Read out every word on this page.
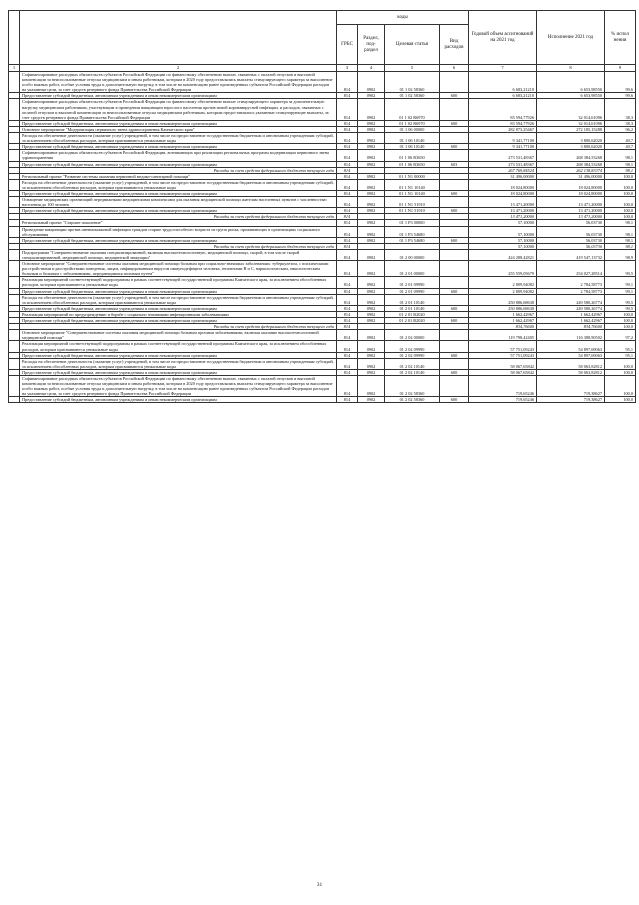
		коды				Годовой объем ассигнований на 2021 год	Исполнение 2021 год	% испол нения
		ГРБС	Раздел, под-раздел	Целевая статья	Вид расходов			
1	2	3	4	5	6	7	8	9
	Софинансирование расходных обязательств субъектов Российской Федерации по финансовому обеспечению выплат, связанных с оплатой отпусков и выплатой компенсации за неиспользованные отпуска медицинским и иным работникам, которым в 2020 году предоставлялись выплаты стимулирующего характера за выполнение особо важных работ, особые условия труда и дополнительную нагрузку, в том числе на компенсацию ранее произведенных субъектом Российской Федерации расходов на указанные цели, за счет средств резервного фонда Правительства Российской Федерации	814	0902	01 1 02 58360		6 683,21210	6 653,98550	99,6
	Предоставление субсидий бюджетным, автономным учреждениям и иным некоммерческим организациям	814	0902	01 1 02 58360	600	6 683,21210	6 653,98550	99,6
	Софинансирование расходных обязательств субъектов Российской Федерации по финансовому обеспечению выплат стимулирующего характера за дополнительную нагрузку медицинским работникам, участвующим в проведении вакцинации взрослого населения против новой коронавирусной инфекции, и расходов, связанных с оплатой отпусков и выплатой компенсации за неиспользованные отпуска медицинским работникам, которым предоставлялись указанные стимулирующие выплаты, за счет средств резервного фонда Правительства Российской Федерации	814	0902	01 1 02 R6970		83 594,77926	32 014,61096	38,3
	Предоставление субсидий бюджетным, автономным учреждениям и иным некоммерческим организациям	814	0902	01 1 02 R6970	600	83 594,77926	32 014,61096	38,3
	Основное мероприятие "Модернизация первичного звена здравоохранения Камчатского края"	814	0902	01 1 06 00000		282 873,25467	272 185,15288	96,2
	Расходы на обеспечение деятельности (оказание услуг) учреждений, в том числе на предоставление государственным бюджетным и автономным учреждениям субсидий, за исключением обособленных расходов, которым присваиваются уникальные коды	814	0902	01 1 06 10140		9 341,77100	3 800,62020	40,7
	Предоставление субсидий бюджетным, автономным учреждениям и иным некоммерческим организациям	814	0902	01 1 06 10140	600	9 341,77100	3 800,62020	40,7
	Софинансирование расходных обязательств субъектов Российской Федерации, возникающих при реализации региональных программ модернизации первичного звена здравоохранения	814	0902	01 1 06 R3650		273 531,48367	268 384,53268	98,1
	Предоставление субсидий бюджетным, автономным учреждениям и иным некоммерческим организациям	814	0902	01 1 06 R3650	603	273 531,48367	268 384,53268	98,1
	Расходы за счет средств федерального бюджета текущего года	814				267 769,84524	262 138,83374	98,1
	Региональный проект "Развитие системы оказания первичной медико-санитарной помощи"	814	0902	01 1 N1 00000		31 496,00000	31 496,00000	100,0
	Расходы на обеспечение деятельности (оказание услуг) учреждений, в том числе на предоставление государственным бюджетным и автономным учреждениям субсидий, за исключением обособленных расходов, которым присваиваются уникальные коды	814	0902	01 1 N1 10140		18 024,80000	18 024,80000	100,0
	Предоставление субсидий бюджетным, автономным учреждениям и иным некоммерческим организациям	814	0902	01 1 N1 10140	600	18 024,80000	18 024,80000	100,0
	Оснащение медицинских организаций передвижными медицинскими комплексами для оказания медицинской помощи жителям населенных пунктов с численностью населения до 100 человек	814	0902	01 1 N1 51910		13 471,20000	13 471,20000	100,0
	Предоставление субсидий бюджетным, автономным учреждениям и иным некоммерческим организациям	814	0902	01 1 N1 51910	600	13 471,20000	13 471,20000	100,0
	Расходы за счет средств федерального бюджета текущего года	814				13 471,20000	13 471,20000	100,0
	Региональный проект "Старшее поколение"	814	0902	01 1 P3 00000		57,10000	56,03730	98,1
	Проведение вакцинации против пневмококковой инфекции граждан старше трудоспособного возраста из групп риска, проживающих в организациях социального обслуживания	814	0902	01 1 P3 54680		57,10000	56,03730	98,1
	Предоставление субсидий бюджетным, автономным учреждениям и иным некоммерческим организациям	814	0902	01 1 P3 54680	600	57,10000	56,03730	98,1
	Расходы за счет средств федерального бюджета текущего года	814				57,10000	56,03730	98,1
	Подпрограмма "Совершенствование оказания специализированной, включая высокотехнологичную, медицинской помощи, скорой, в том числе скорой специализированной, медицинской помощи, медицинской эвакуации"	814	0902	01 2 00 00000		424 288,42821	419 547,13732	98,9
	Основное мероприятие "Совершенствование системы оказания медицинской помощи больным при социально-значимых заболеваниях: туберкулезом, с психическими расстройствами и расстройствами поведения, лицам, инфицированным вирусом иммунодефицита человека, гепатитами В и С, наркологическим, онкологическим больным и больным с заболеваниями, передающимися половым путем"	814	0902	01 2 01 00000		255 559,05679	254 027,28514	99,5
	Реализация мероприятий соответствующей подпрограммы в рамках соответствующей государственной программы Камчатского края, за исключением обособленных расходов, которым присваиваются уникальные коды	814	0902	01 2 01 09990		2 809,94082	2 784,58773	99,1
	Предоставление субсидий бюджетным, автономным учреждениям и иным некоммерческим организациям	814	0902	01 2 01 09990	600	2 809,94082	2 784,58773	99,1
	Расходы на обеспечение деятельности (оказание услуг) учреждений, в том числе на предоставление государственным бюджетным и автономным учреждениям субсидий, за исключением обособленных расходов, которым присваиваются уникальные коды	814	0902	01 2 01 10140		250 886,68630	249 580,26774	99,5
	Предоставление субсидий бюджетным, автономным учреждениям и иным некоммерческим организациям	814	0902	01 2 01 10140	600	250 886,68630	249 580,26774	99,5
	Реализация мероприятий по предупреждению и борьбе с социально значимыми инфекционными заболеваниями	814	0902	01 2 01 R2020		1 662,42967	1 662,42967	100,0
	Предоставление субсидий бюджетным, автономным учреждениям и иным некоммерческим организациям	814	0902	01 2 01 R2020	600	1 662,42967	1 662,42967	100,0
	Расходы за счет средств федерального бюджета текущего года	814				834,76600	834,76600	100,0
	Основное мероприятие "Совершенствование системы оказания медицинской помощи больным прочими заболеваниями, включая оказание высокотехнологичной медицинской помощи"	814	0902	01 2 02 00000		119 798,42405	116 388,90502	97,2
	Реализация мероприятий соответствующей подпрограммы в рамках соответствующей государственной программы Камчатского края, за исключением обособленных расходов, которым присваиваются уникальные коды	814	0902	01 2 02 09990		57 751,09243	54 897,69063	95,1
	Предоставление субсидий бюджетным, автономным учреждениям и иным некоммерческим организациям	814	0902	01 2 02 09990	600	57 751,09243	54 897,69063	95,1
	Расходы на обеспечение деятельности (оказание услуг) учреждений, в том числе на предоставление государственным бюджетным и автономным учреждениям субсидий, за исключением обособленных расходов, которым присваиваются уникальные коды	814	0902	01 2 02 10140		58 067,65842	58 063,82812	100,0
	Предоставление субсидий бюджетным, автономным учреждениям и иным некоммерческим организациям	814	0902	01 2 02 10140	600	58 067,65842	58 063,82812	100,0
	Софинансирование расходных обязательств субъектов Российской Федерации по финансовому обеспечению выплат, связанных с оплатой отпусков и выплатой компенсации за неиспользованные отпуска медицинским и иным работникам, которым в 2020 году предоставлялись выплаты стимулирующего характера за выполнение особо важных работ, особые условия труда и дополнительную нагрузку, в том числе на компенсацию ранее произведенных субъектом Российской Федерации расходов на указанные цели, за счет средств резервного фонда Правительства Российской Федерации	814	0902	01 2 02 58360		719,65246	719,38627	100,0
	Предоставление субсидий бюджетным, автономным учреждениям и иным некоммерческим организациям	814	0902	01 2 02 58360	600	719,65246	719,38627	100,0
31
